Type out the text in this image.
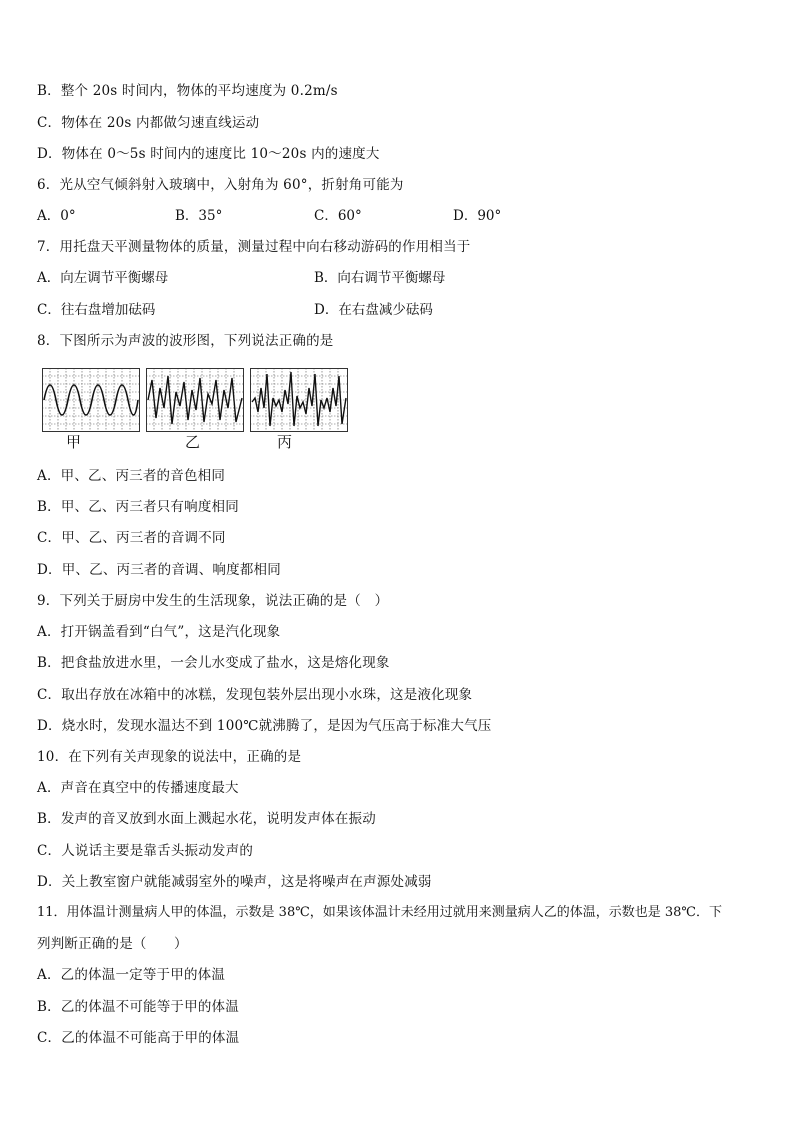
B．整个 20s 时间内，物体的平均速度为 0.2m/s
C．物体在 20s 内都做匀速直线运动
D．物体在 0～5s 时间内的速度比 10～20s 内的速度大
6．光从空气倾斜射入玻璃中，入射角为 60°，折射角可能为
A．0°	B．35°	C．60°	D．90°
7．用托盘天平测量物体的质量，测量过程中向右移动游码的作用相当于
A．向左调节平衡螺母	B．向右调节平衡螺母
C．往右盘增加砝码	D．在右盘减少砝码
8．下图所示为声波的波形图，下列说法正确的是
甲	乙	丙
A．甲、乙、丙三者的音色相同
B．甲、乙、丙三者只有响度相同
C．甲、乙、丙三者的音调不同
D．甲、乙、丙三者的音调、响度都相同
9．下列关于厨房中发生的生活现象，说法正确的是（　）
A．打开锅盖看到“白气”，这是汽化现象
B．把食盐放进水里，一会儿水变成了盐水，这是熔化现象
C．取出存放在冰箱中的冰糕，发现包装外层出现小水珠，这是液化现象
D．烧水时，发现水温达不到 100℃就沸腾了，是因为气压高于标准大气压
10．在下列有关声现象的说法中，正确的是
A．声音在真空中的传播速度最大
B．发声的音叉放到水面上溅起水花，说明发声体在振动
C．人说话主要是靠舌头振动发声的
D．关上教室窗户就能减弱室外的噪声，这是将噪声在声源处减弱
11．用体温计测量病人甲的体温，示数是 38℃，如果该体温计未经用过就用来测量病人乙的体温，示数也是 38℃．下
列判断正确的是（　　）
A．乙的体温一定等于甲的体温
B．乙的体温不可能等于甲的体温
C．乙的体温不可能高于甲的体温
